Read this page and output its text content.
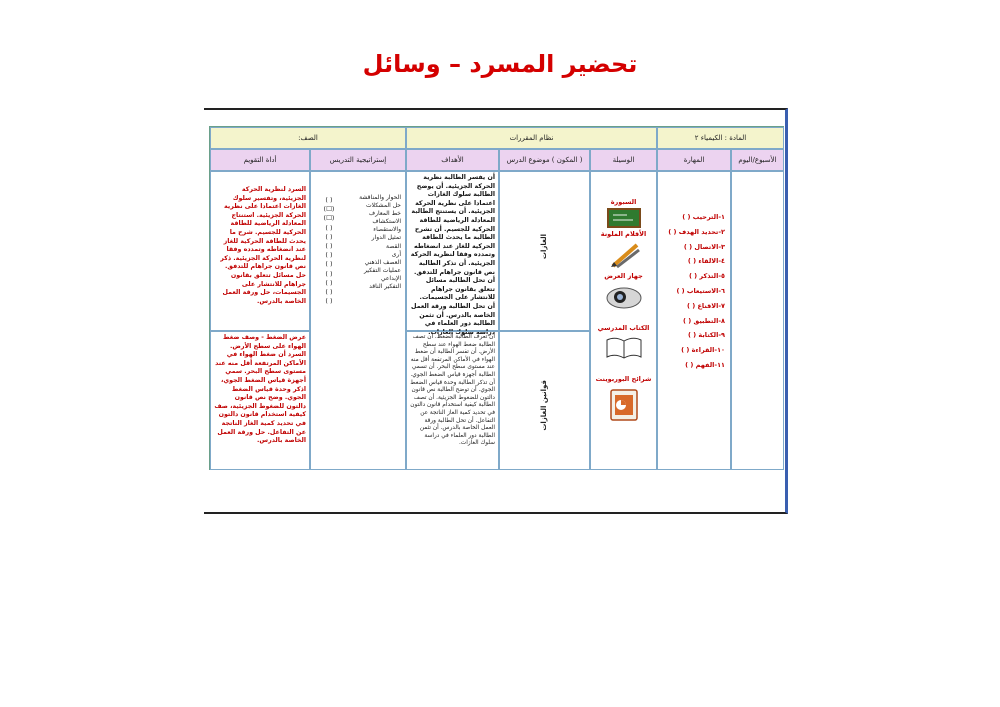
تحضير المسرد – وسائل
المادة : الكيمياء ٢
نظام المقررات
الصف:
الأسبوع/اليوم
المهارة
الوسيلة
( المكون ) موضوع الدرس
الأهداف
إستراتيجية التدريس
أداة التقويم
١-الترحيب ( )
٢-تحديد الهدف ( )
٣-الاتصال ( )
٤-الالقاء ( )
٥-التذكر ( )
٦-الاستيعاب ( )
٧-الاقناع ( )
٨-التطبيق ( )
٩-الكتابة ( )
١٠-القراءة ( )
١١-الفهم ( )
السبورة
الأقلام الملونة
جهاز العرض
الكتاب المدرسي
شرائح البوربوينت
الغازات
قوانين الغازات
أن يفسر الطالبة نظرية الحركة الجزيئية. أن يوضح الطالبة سلوك الغازات اعتمادا على نظرية الحركة الجزيئية. أن يستنتج الطالبة المعادلة الرياضية للطاقة الحركية للجسيم. أن تشرح الطالبة ما يحدث للطاقة الحركية للغاز عند انضغاطه وتمدده وفقا لنظرية الحركة الجزيئية. أن تذكر الطالبة نص قانون جراهام للتدفق. أن تحل الطالبة مسائل تتعلق بقانون جراهام للانتشار على الجسيمات. أن تحل الطالبة ورقة العمل الخاصة بالدرس. أن تثمن الطالبة دور العلماء في دراسة سلوك الغازات.
أن تعرف الطالبة الضغط. أن تصف الطالبة ضغط الهواء عند سطح الأرض. أن تفسر الطالبة أن ضغط الهواء في الأماكن المرتفعة أقل منه عند مستوى سطح البحر. أن تسمي الطالبة أجهزة قياس الضغط الجوي. أن تذكر الطالبة وحدة قياس الضغط الجوي. أن توضح الطالبة نص قانون دالتون للضغوط الجزيئية. أن تصف الطالبة كيفية استخدام قانون دالتون في تحديد كمية الغاز الناتجة عن التفاعل. أن تحل الطالبة ورقة العمل الخاصة بالدرس. أن تثمن الطالبة دور العلماء في دراسة سلوك الغازات.
الحوار والمناقشة
حل المشكلات
خط المعارف
الاستكشاف
والاستقصاء
تمثيل الدوار
القصة
أرى
العصف الذهني
عمليات التفكير
الإبداعي
التفكير الناقد
( )
(☐)
(☐)
( )
( )
( )
( )
( )
( )
( )
( )
( )
السرد لنظرية الحركة الجزيئية، وتفسير سلوك الغازات اعتمادا على نظرية الحركة الجزيئية. استنتاج المعادلة الرياضية للطاقة الحركية للجسيم. شرح ما يحدث للطاقة الحركية للغاز عند انضغاطه وتمدده وفقا لنظرية الحركة الجزيئية. ذكر نص قانون جراهام للتدفق. حل مسائل تتعلق بقانون جراهام للانتشار على الجسيمات، حل ورقة العمل الخاصة بالدرس.
عرض الضغط - وصف ضغط الهواء على سطح الأرض. السرد أن ضغط الهواء في الأماكن المرتفعة أقل منه عند مستوى سطح البحر. سمي أجهزة قياس الضغط الجوي، اذكر وحدة قياس الضغط الجوي. وضح نص قانون دالتون للضغوط الجزيئية، صف كيفية استخدام قانون دالتون في تحديد كمية الغاز الناتجة عن التفاعل. حل ورقة العمل الخاصة بالدرس.
